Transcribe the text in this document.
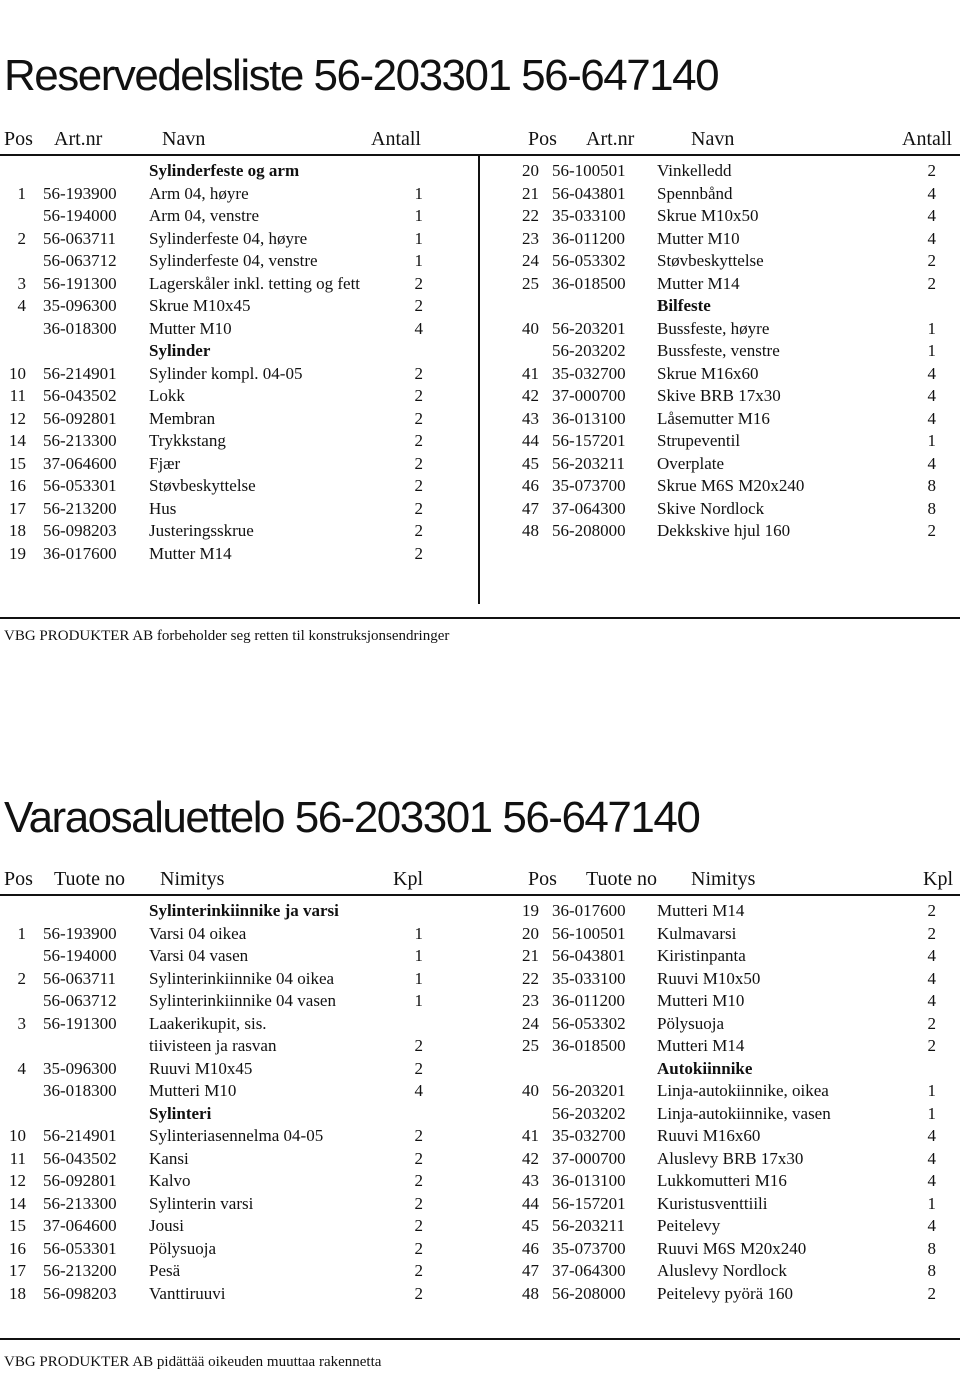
Reservedelsliste 56-203301 56-647140
Pos Art.nr	Navn	Antall	Pos Art.nr	Navn	Antall
Sylinderfeste og arm
1 56-193900 Arm 04, høyre	1
56-194000 Arm 04, venstre	1
2 56-063711 Sylinderfeste 04, høyre	1
56-063712 Sylinderfeste 04, venstre	1
3 56-191300 Lagerskåler inkl. tetting og fett	2
4 35-096300 Skrue M10x45	2
36-018300 Mutter M10	4
Sylinder
10 56-214901 Sylinder kompl. 04-05	2
11 56-043502 Lokk	2
12 56-092801 Membran	2
14 56-213300 Trykkstang	2
15 37-064600 Fjær	2
16 56-053301 Støvbeskyttelse	2
17 56-213200 Hus	2
18 56-098203 Justeringsskrue	2
19 36-017600 Mutter M14	2
20 56-100501 Vinkelledd	2
21 56-043801 Spennbånd	4
22 35-033100 Skrue M10x50	4
23 36-011200 Mutter M10	4
24 56-053302 Støvbeskyttelse	2
25 36-018500 Mutter M14	2
Bilfeste
40 56-203201 Bussfeste, høyre	1
56-203202 Bussfeste, venstre	1
41 35-032700 Skrue M16x60	4
42 37-000700 Skive BRB 17x30	4
43 36-013100 Låsemutter M16	4
44 56-157201 Strupeventil	1
45 56-203211 Overplate	4
46 35-073700 Skrue M6S M20x240	8
47 37-064300 Skive Nordlock	8
48 56-208000 Dekkskive hjul 160	2

VBG PRODUKTER AB forbeholder seg retten til konstruksjonsendringer

Varaosaluettelo 56-203301 56-647140
Pos Tuote no Nimitys	Kpl	Pos Tuote no Nimitys	Kpl
Sylinterinkiinnike ja varsi
1 56-193900 Varsi 04 oikea	1
56-194000 Varsi 04 vasen	1
2 56-063711 Sylinterinkiinnike 04 oikea	1
56-063712 Sylinterinkiinnike 04 vasen	1
3 56-191300 Laakerikupit, sis.
tiivisteen ja rasvan	2
4 35-096300 Ruuvi M10x45	2
36-018300 Mutteri M10	4
Sylinteri
10 56-214901 Sylinteriasennelma 04-05	2
11 56-043502 Kansi	2
12 56-092801 Kalvo	2
14 56-213300 Sylinterin varsi	2
15 37-064600 Jousi	2
16 56-053301 Pölysuoja	2
17 56-213200 Pesä	2
18 56-098203 Vanttiruuvi	2
19 36-017600 Mutteri M14	2
20 56-100501 Kulmavarsi	2
21 56-043801 Kiristinpanta	4
22 35-033100 Ruuvi M10x50	4
23 36-011200 Mutteri M10	4
24 56-053302 Pölysuoja	2
25 36-018500 Mutteri M14	2
Autokiinnike
40 56-203201 Linja-autokiinnike, oikea	1
56-203202 Linja-autokiinnike, vasen	1
41 35-032700 Ruuvi M16x60	4
42 37-000700 Aluslevy BRB 17x30	4
43 36-013100 Lukkomutteri M16	4
44 56-157201 Kuristusventtiili	1
45 56-203211 Peitelevy	4
46 35-073700 Ruuvi M6S M20x240	8
47 37-064300 Aluslevy Nordlock	8
48 56-208000 Peitelevy pyörä 160	2

VBG PRODUKTER AB pidättää oikeuden muuttaa rakennetta
